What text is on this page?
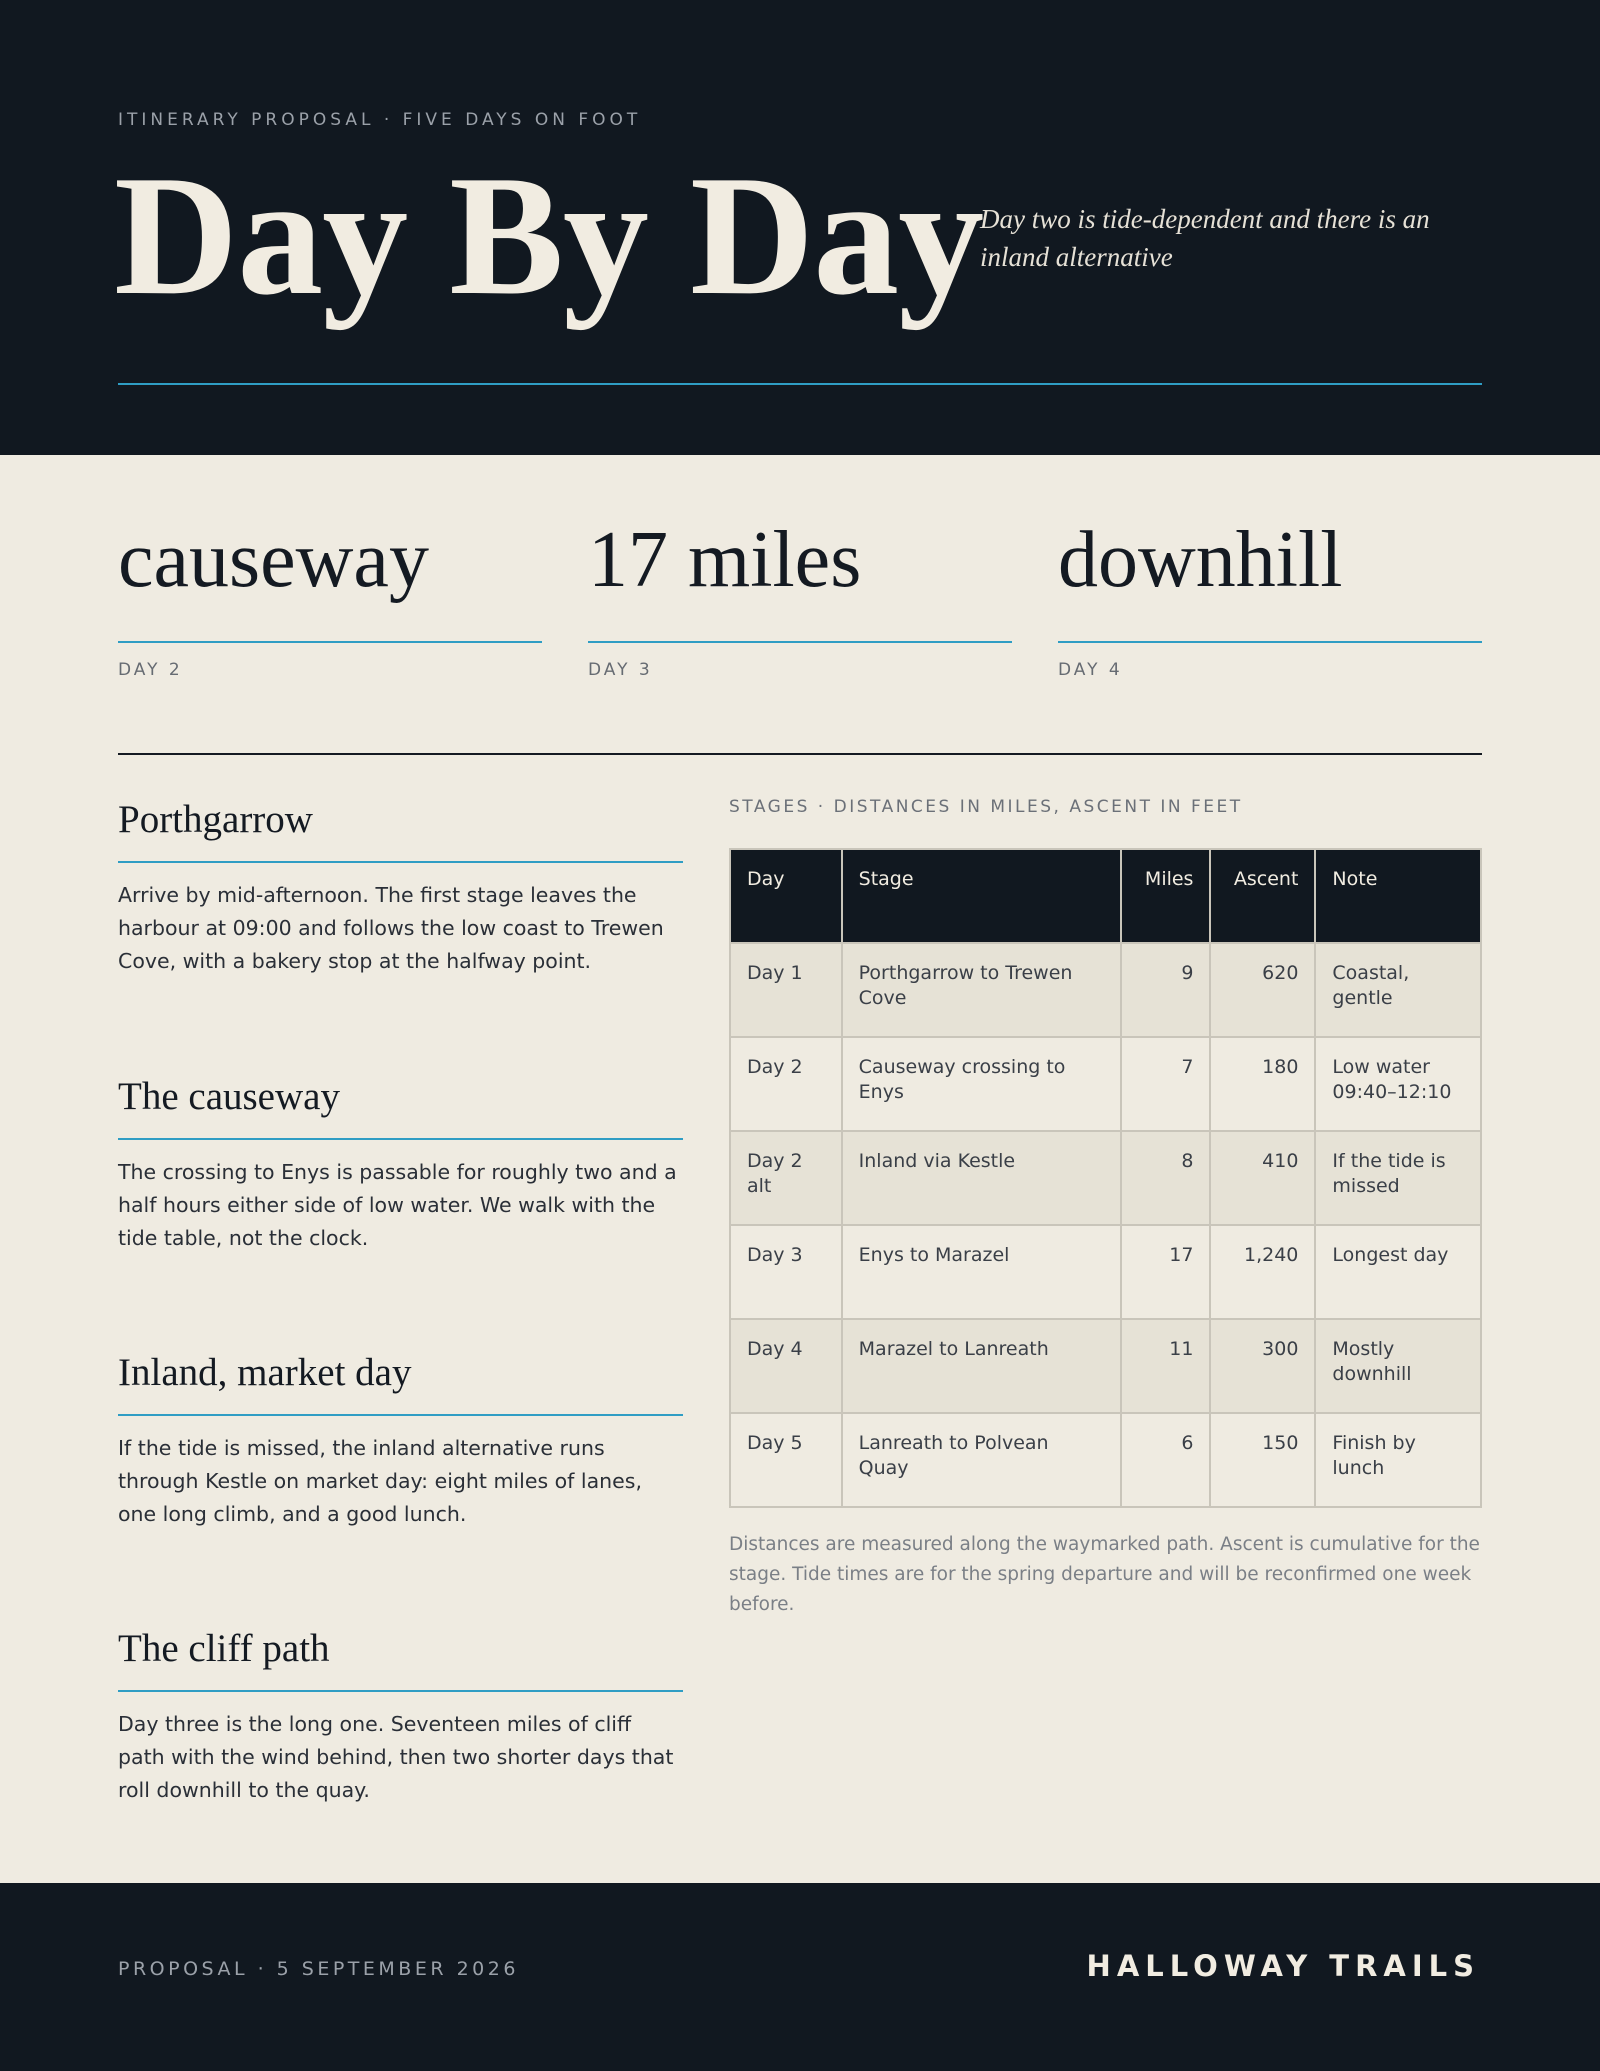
ITINERARY PROPOSAL · FIVE DAYS ON FOOT
Day By Day
Day two is tide-dependent and there is an inland alternative
causeway
DAY 2
17 miles
DAY 3
downhill
DAY 4
Porthgarrow

Arrive by mid-afternoon. The first stage leaves the harbour at 09:00 and follows the low coast to Trewen Cove, with a bakery stop at the halfway point.

The causeway

The crossing to Enys is passable for roughly two and a half hours either side of low water. We walk with the tide table, not the clock.

Inland, market day

If the tide is missed, the inland alternative runs through Kestle on market day: eight miles of lanes, one long climb, and a good lunch.

The cliff path

Day three is the long one. Seventeen miles of cliff path with the wind behind, then two shorter days that roll downhill to the quay.

STAGES · DISTANCES IN MILES, ASCENT IN FEET
Day	Stage	Miles	Ascent	Note
Day 1	Porthgarrow to Trewen Cove	9	620	Coastal, gentle
Day 2	Causeway crossing to Enys	7	180	Low water 09:40–12:10
Day 2 alt	Inland via Kestle	8	410	If the tide is missed
Day 3	Enys to Marazel	17	1,240	Longest day
Day 4	Marazel to Lanreath	11	300	Mostly downhill
Day 5	Lanreath to Polvean Quay	6	150	Finish by lunch
Distances are measured along the waymarked path. Ascent is cumulative for the stage. Tide times are for the spring departure and will be reconfirmed one week before.
PROPOSAL · 5 SEPTEMBER 2026	HALLOWAY TRAILS
